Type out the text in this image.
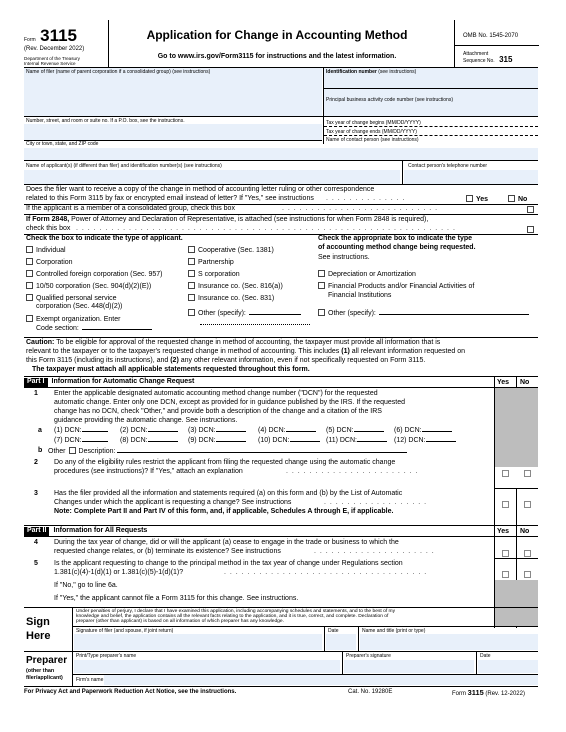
Form 3115
(Rev. December 2022)
Department of the Treasury
Internal Revenue Service
Application for Change in Accounting Method
Go to www.irs.gov/Form3115 for instructions and the latest information.
OMB No. 1545-2070
Attachment
Sequence No. 315
Name of filer (name of parent corporation if a consolidated group) (see instructions)	Identification number (see instructions)
Principal business activity code number (see instructions)
Number, street, and room or suite no. If a P.O. box, see the instructions.	Tax year of change begins (MM/DD/YYYY)
Tax year of change ends (MM/DD/YYYY)
Name of contact person (see instructions)
City or town, state, and ZIP code
Name of applicant(s) (if different than filer) and identification number(s) (see instructions)	Contact person's telephone number
Does the filer want to receive a copy of the change in method of accounting letter ruling or other correspondence
related to this Form 3115 by fax or encrypted email instead of letter? If "Yes," see instructions . . . . . . . . . . . . . .	Yes	No
If the applicant is a member of a consolidated group, check this box	. . . . . . . . . . . . . . . . . . . . . . . . . . .
If Form 2848, Power of Attorney and Declaration of Representative, is attached (see instructions for when Form 2848 is required),
check this box . . . . . . . . . . . . . . . . . . . . . . . . . . . . . . . . . . . . . . . . . . . . . . . . . . . . . . . . . . . . . . . . .
Check the box to indicate the type of applicant.
Individual
Corporation
Controlled foreign corporation (Sec. 957)
10/50 corporation (Sec. 904(d)(2)(E))
Qualified personal service
corporation (Sec. 448(d)(2))
Exempt organization. Enter
Code section:
Cooperative (Sec. 1381)
Partnership
S corporation
Insurance co. (Sec. 816(a))
Insurance co. (Sec. 831)
Other (specify):
Check the appropriate box to indicate the type
of accounting method change being requested.
See instructions.
Depreciation or Amortization
Financial Products and/or Financial Activities of
Financial Institutions
Other (specify):
Caution: To be eligible for approval of the requested change in method of accounting, the taxpayer must provide all information that is
relevant to the taxpayer or to the taxpayer's requested change in method of accounting. This includes (1) all relevant information requested on
this Form 3115 (including its instructions), and (2) any other relevant information, even if not specifically requested on Form 3115.
The taxpayer must attach all applicable statements requested throughout this form.
Part I Information for Automatic Change Request	Yes No
1 Enter the applicable designated automatic accounting method change number ("DCN") for the requested
automatic change. Enter only one DCN, except as provided for in guidance published by the IRS. If the requested
change has no DCN, check "Other," and provide both a description of the change and a citation of the IRS
guidance providing the automatic change. See instructions.
a (1) DCN:	(2) DCN:	(3) DCN:	(4) DCN:	(5) DCN:	(6) DCN:
(7) DCN:	(8) DCN:	(9) DCN:	(10) DCN:	(11) DCN:	(12) DCN:
b Other Description:
2 Do any of the eligibility rules restrict the applicant from filing the requested change using the automatic change
procedures (see instructions)? If "Yes," attach an explanation	. . . . . . . . . . . . . . . . . . . . . . .
3 Has the filer provided all the information and statements required (a) on this form and (b) by the List of Automatic
Changes under which the applicant is requesting a change? See instructions	. . . . . . . . . . . . . . . . . .
Note: Complete Part II and Part IV of this form, and, if applicable, Schedules A through E, if applicable.
Part II Information for All Requests	Yes No
4 During the tax year of change, did or will the applicant (a) cease to engage in the trade or business to which the
requested change relates, or (b) terminate its existence? See instructions	. . . . . . . . . . . . . . . . . . . . .
5 Is the applicant requesting to change to the principal method in the tax year of change under Regulations section
1.381(c)(4)-1(d)(1) or 1.381(c)(5)-1(d)(1)?	. . . . . . . . . . . . . . . . . . . . . . . . . . . . . . . . . . .
If "No," go to line 6a.
If "Yes," the applicant cannot file a Form 3115 for this change. See instructions.
Sign
Here
Under penalties of perjury, I declare that I have examined this application, including accompanying schedules and statements, and to the best of my
knowledge and belief, the application contains all the relevant facts relating to the application, and it is true, correct, and complete. Declaration of
preparer (other than applicant) is based on all information of which preparer has any knowledge.
Signature of filer (and spouse, if joint return)	Date	Name and title (print or type)
Preparer
(other than
filer/applicant)
Print/Type preparer's name	Preparer's signature	Date
Firm's name
For Privacy Act and Paperwork Reduction Act Notice, see the instructions.	Cat. No. 19280E	Form 3115 (Rev. 12-2022)
